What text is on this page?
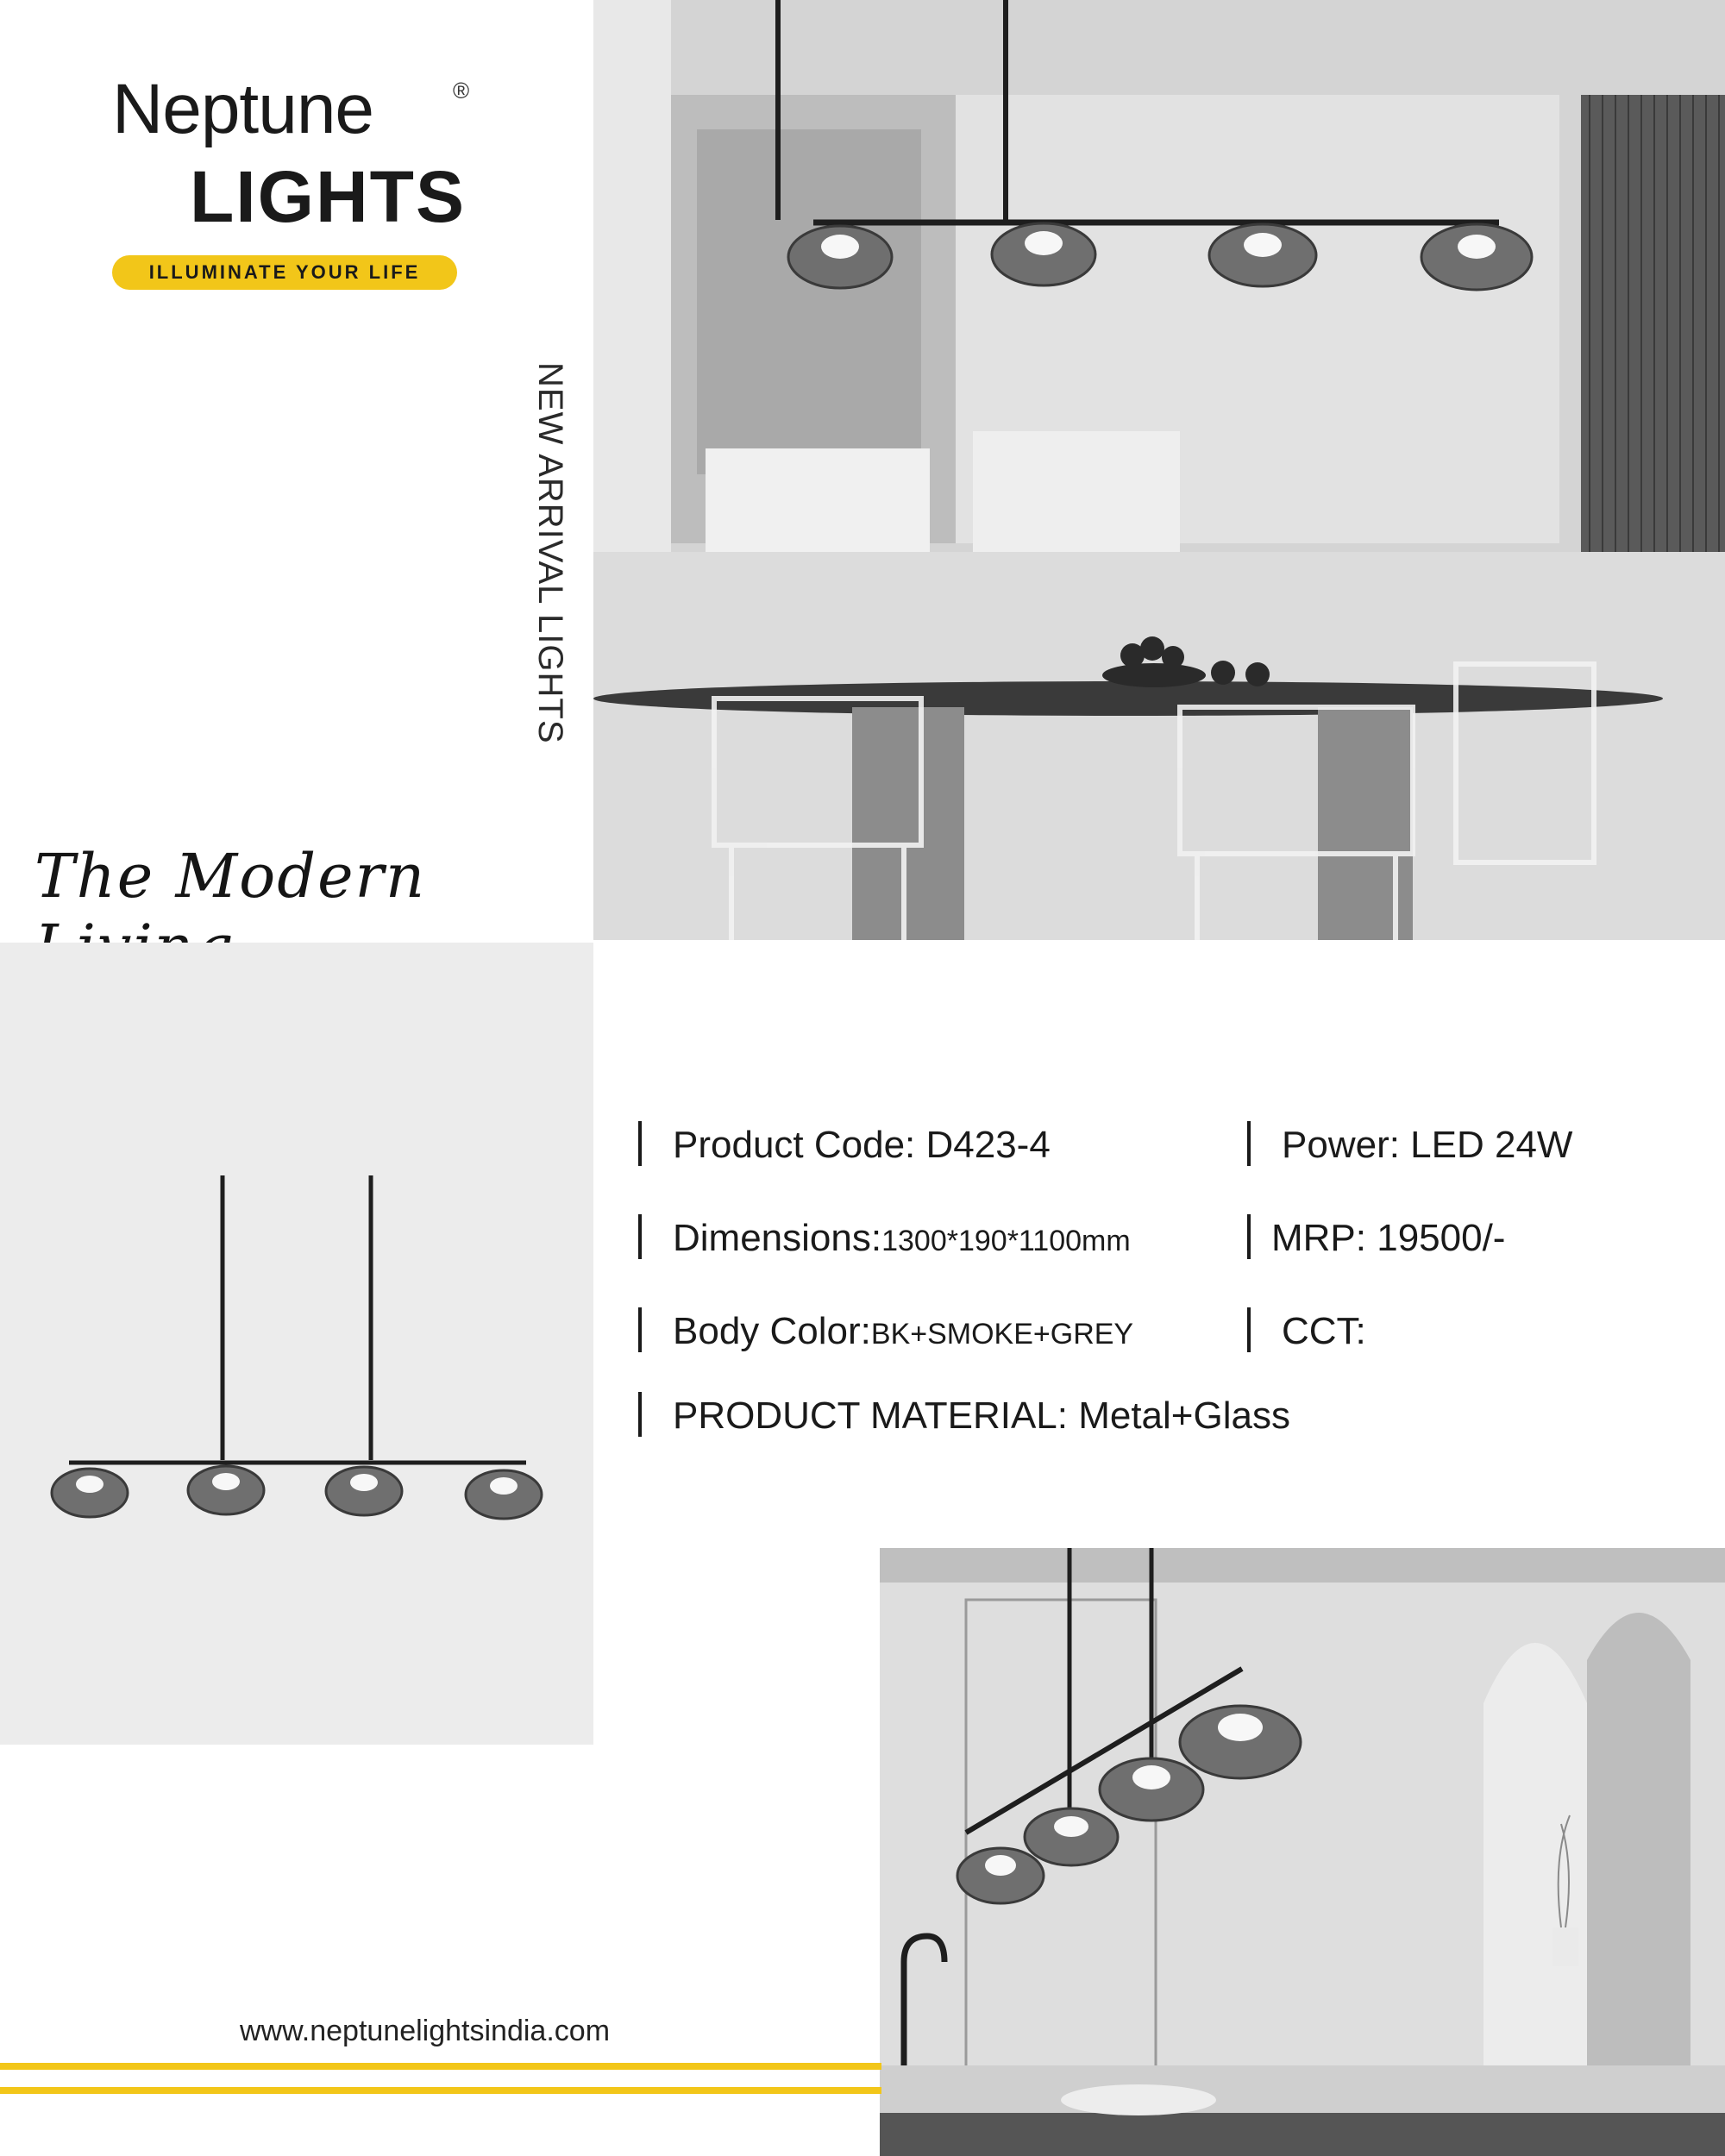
Neptune	®
LIGHTS
ILLUMINATE YOUR LIFE
NEW ARRIVAL LIGHTS
The Modern
Product Code: D423-4	Power: LED 24W
Dimensions:1300*190*1100mm	MRP: 19500/-
Body Color:BK+SMOKE+GREY	CCT:
PRODUCT MATERIAL: Metal+Glass
www.neptunelightsindia.com
